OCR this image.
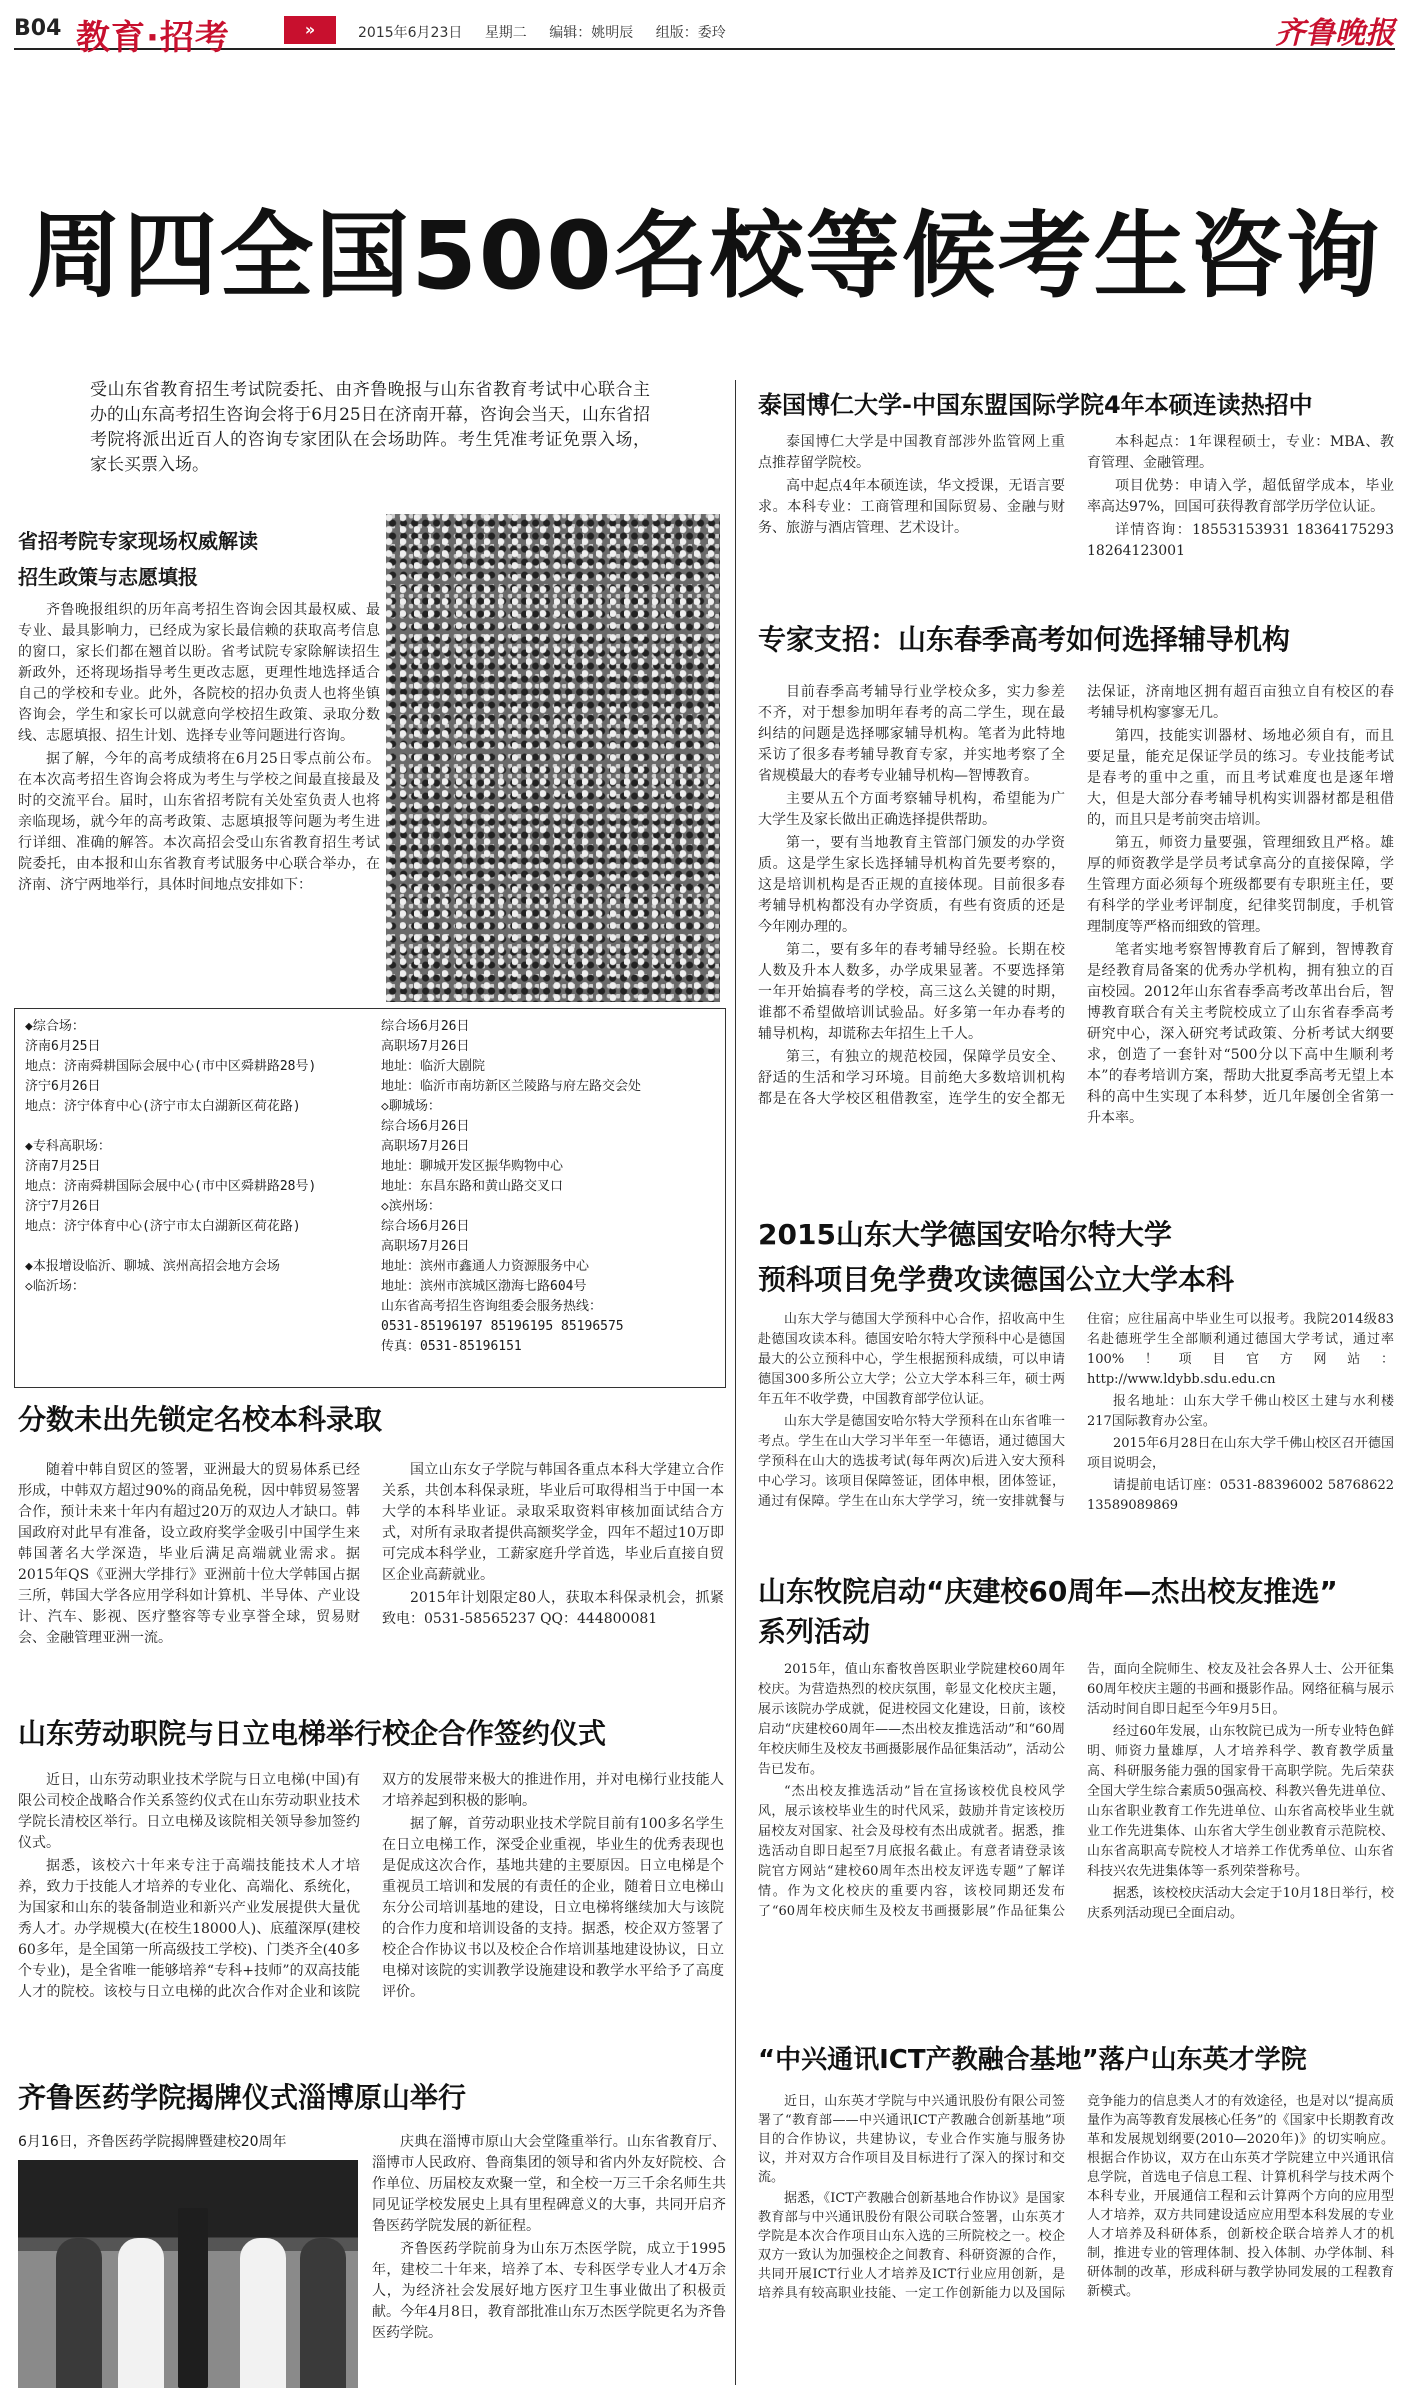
B04 教育·招考	»	2015年6月23日 星期二 编辑：姚明辰 组版：委玲	齐鲁晚报
周四全国500名校等候考生咨询
受山东省教育招生考试院委托、由齐鲁晚报与山东省教育考试中心联合主办的山东高考招生咨询会将于6月25日在济南开幕，咨询会当天，山东省招考院将派出近百人的咨询专家团队在会场助阵。考生凭准考证免票入场，家长买票入场。
省招考院专家现场权威解读
招生政策与志愿填报

齐鲁晚报组织的历年高考招生咨询会因其最权威、最专业、最具影响力，已经成为家长最信赖的获取高考信息的窗口，家长们都在翘首以盼。省考试院专家除解读招生新政外，还将现场指导考生更改志愿，更理性地选择适合自己的学校和专业。此外，各院校的招办负责人也将坐镇咨询会，学生和家长可以就意向学校招生政策、录取分数线、志愿填报、招生计划、选择专业等问题进行咨询。

据了解，今年的高考成绩将在6月25日零点前公布。在本次高考招生咨询会将成为考生与学校之间最直接最及时的交流平台。届时，山东省招考院有关处室负责人也将亲临现场，就今年的高考政策、志愿填报等问题为考生进行详细、准确的解答。本次高招会受山东省教育招生考试院委托，由本报和山东省教育考试服务中心联合举办，在济南、济宁两地举行，具体时间地点安排如下：

◆综合场：

济南6月25日

地点：济南舜耕国际会展中心(市中区舜耕路28号)

济宁6月26日

地点：济宁体育中心(济宁市太白湖新区荷花路)

◆专科高职场：

济南7月25日

地点：济南舜耕国际会展中心(市中区舜耕路28号)

济宁7月26日

地点：济宁体育中心(济宁市太白湖新区荷花路)

◆本报增设临沂、聊城、滨州高招会地方会场

◇临沂场：

综合场6月26日

高职场7月26日

地址：临沂大剧院

地址：临沂市南坊新区兰陵路与府左路交会处

◇聊城场：

综合场6月26日

高职场7月26日

地址：聊城开发区振华购物中心

地址：东昌东路和黄山路交叉口

◇滨州场：

综合场6月26日

高职场7月26日

地址：滨州市鑫通人力资源服务中心

地址：滨州市滨城区渤海七路604号

山东省高考招生咨询组委会服务热线：

0531-85196197 85196195 85196575

传真：0531-85196151

分数未出先锁定名校本科录取

随着中韩自贸区的签署，亚洲最大的贸易体系已经形成，中韩双方超过90%的商品免税，因中韩贸易签署合作，预计未来十年内有超过20万的双边人才缺口。韩国政府对此早有准备，设立政府奖学金吸引中国学生来韩国著名大学深造，毕业后满足高端就业需求。据2015年QS《亚洲大学排行》亚洲前十位大学韩国占据三所，韩国大学各应用学科如计算机、半导体、产业设计、汽车、影视、医疗整容等专业享誉全球，贸易财会、金融管理亚洲一流。

国立山东女子学院与韩国各重点本科大学建立合作关系，共创本科保录班，毕业后可取得相当于中国一本大学的本科毕业证。录取采取资料审核加面试结合方式，对所有录取者提供高额奖学金，四年不超过10万即可完成本科学业，工薪家庭升学首选，毕业后直接自贸区企业高薪就业。

2015年计划限定80人，获取本科保录机会，抓紧致电：0531-58565237 QQ：444800081

山东劳动职院与日立电梯举行校企合作签约仪式

近日，山东劳动职业技术学院与日立电梯(中国)有限公司校企战略合作关系签约仪式在山东劳动职业技术学院长清校区举行。日立电梯及该院相关领导参加签约仪式。

据悉，该校六十年来专注于高端技能技术人才培养，致力于技能人才培养的专业化、高端化、系统化，为国家和山东的装备制造业和新兴产业发展提供大量优秀人才。办学规模大(在校生18000人)、底蕴深厚(建校60多年，是全国第一所高级技工学校)、门类齐全(40多个专业)，是全省唯一能够培养“专科+技师”的双高技能人才的院校。该校与日立电梯的此次合作对企业和该院双方的发展带来极大的推进作用，并对电梯行业技能人才培养起到积极的影响。

据了解，首劳动职业技术学院目前有100多名学生在日立电梯工作，深受企业重视，毕业生的优秀表现也是促成这次合作，基地共建的主要原因。日立电梯是个重视员工培训和发展的有责任的企业，随着日立电梯山东分公司培训基地的建设，日立电梯将继续加大与该院的合作力度和培训设备的支持。据悉，校企双方签署了校企合作协议书以及校企合作培训基地建设协议，日立电梯对该院的实训教学设施建设和教学水平给予了高度评价。

齐鲁医药学院揭牌仪式淄博原山举行
6月16日，齐鲁医药学院揭牌暨建校20周年	庆典在淄博市原山大会堂隆重举行。山东省教育厅、淄博市人民政府、鲁商集团的领导和省内外友好院校、合作单位、历届校友欢聚一堂，和全校一万三千余名师生共同见证学校发展史上具有里程碑意义的大事，共同开启齐鲁医药学院发展的新征程。

齐鲁医药学院前身为山东万杰医学院，成立于1995年，建校二十年来，培养了本、专科医学专业人才4万余人，为经济社会发展好地方医疗卫生事业做出了积极贡献。今年4月8日，教育部批准山东万杰医学院更名为齐鲁医药学院。

泰国博仁大学-中国东盟国际学院4年本硕连读热招中

泰国博仁大学是中国教育部涉外监管网上重点推荐留学院校。

高中起点4年本硕连读，华文授课，无语言要求。本科专业：工商管理和国际贸易、金融与财务、旅游与酒店管理、艺术设计。

本科起点：1年课程硕士，专业：MBA、教育管理、金融管理。

项目优势：申请入学，超低留学成本，毕业率高达97%，回国可获得教育部学历学位认证。

详情咨询：18553153931 18364175293 18264123001

专家支招：山东春季高考如何选择辅导机构

目前春季高考辅导行业学校众多，实力参差不齐，对于想参加明年春考的高二学生，现在最纠结的问题是选择哪家辅导机构。笔者为此特地采访了很多春考辅导教育专家，并实地考察了全省规模最大的春考专业辅导机构—智博教育。

主要从五个方面考察辅导机构，希望能为广大学生及家长做出正确选择提供帮助。

第一，要有当地教育主管部门颁发的办学资质。这是学生家长选择辅导机构首先要考察的，这是培训机构是否正规的直接体现。目前很多春考辅导机构都没有办学资质，有些有资质的还是今年刚办理的。

第二，要有多年的春考辅导经验。长期在校人数及升本人数多，办学成果显著。不要选择第一年开始搞春考的学校，高三这么关键的时期，谁都不希望做培训试验品。好多第一年办春考的辅导机构，却谎称去年招生上千人。

第三，有独立的规范校园，保障学员安全、舒适的生活和学习环境。目前绝大多数培训机构都是在各大学校区租借教室，连学生的安全都无法保证，济南地区拥有超百亩独立自有校区的春考辅导机构寥寥无几。

第四，技能实训器材、场地必须自有，而且要足量，能充足保证学员的练习。专业技能考试是春考的重中之重，而且考试难度也是逐年增大，但是大部分春考辅导机构实训器材都是租借的，而且只是考前突击培训。

第五，师资力量要强，管理细致且严格。雄厚的师资教学是学员考试拿高分的直接保障，学生管理方面必须每个班级都要有专职班主任，要有科学的学业考评制度，纪律奖罚制度，手机管理制度等严格而细致的管理。

笔者实地考察智博教育后了解到，智博教育是经教育局备案的优秀办学机构，拥有独立的百亩校园。2012年山东省春季高考改革出台后，智博教育联合有关主考院校成立了山东省春季高考研究中心，深入研究考试政策、分析考试大纲要求，创造了一套针对“500分以下高中生顺利考本”的春考培训方案，帮助大批夏季高考无望上本科的高中生实现了本科梦，近几年屡创全省第一升本率。

2015山东大学德国安哈尔特大学
预科项目免学费攻读德国公立大学本科

山东大学与德国大学预科中心合作，招收高中生赴德国攻读本科。德国安哈尔特大学预科中心是德国最大的公立预科中心，学生根据预科成绩，可以申请德国300多所公立大学；公立大学本科三年，硕士两年五年不收学费，中国教育部学位认证。

山东大学是德国安哈尔特大学预科在山东省唯一考点。学生在山大学习半年至一年德语，通过德国大学预科在山大的选拔考试(每年两次)后进入安大预科中心学习。该项目保障签证，团体申根，团体签证，通过有保障。学生在山东大学学习，统一安排就餐与住宿；应往届高中毕业生可以报考。我院2014级83名赴德班学生全部顺利通过德国大学考试，通过率100%！项目官方网站：http://www.ldybb.sdu.edu.cn

报名地址：山东大学千佛山校区土建与水利楼217国际教育办公室。

2015年6月28日在山东大学千佛山校区召开德国项目说明会，

请提前电话订座：0531-88396002 58768622 13589089869

山东牧院启动“庆建校60周年—杰出校友推选”
系列活动

2015年，值山东畜牧兽医职业学院建校60周年校庆。为营造热烈的校庆氛围，彰显文化校庆主题，展示该院办学成就，促进校园文化建设，日前，该校启动“庆建校60周年——杰出校友推选活动”和“60周年校庆师生及校友书画摄影展作品征集活动”，活动公告已发布。

“杰出校友推选活动”旨在宣扬该校优良校风学风，展示该校毕业生的时代风采，鼓励并肯定该校历届校友对国家、社会及母校有杰出成就者。据悉，推选活动自即日起至7月底报名截止。有意者请登录该院官方网站“建校60周年杰出校友评选专题”了解详情。作为文化校庆的重要内容，该校同期还发布了“60周年校庆师生及校友书画摄影展”作品征集公告，面向全院师生、校友及社会各界人士、公开征集60周年校庆主题的书画和摄影作品。网络征稿与展示活动时间自即日起至今年9月5日。

经过60年发展，山东牧院已成为一所专业特色鲜明、师资力量雄厚，人才培养科学、教育教学质量高、科研服务能力强的国家骨干高职学院。先后荣获全国大学生综合素质50强高校、科教兴鲁先进单位、山东省职业教育工作先进单位、山东省高校毕业生就业工作先进集体、山东省大学生创业教育示范院校、山东省高职高专院校人才培养工作优秀单位、山东省科技兴农先进集体等一系列荣誉称号。

据悉，该校校庆活动大会定于10月18日举行，校庆系列活动现已全面启动。

“中兴通讯ICT产教融合基地”落户山东英才学院

近日，山东英才学院与中兴通讯股份有限公司签署了“教育部——中兴通讯ICT产教融合创新基地”项目的合作协议，共建协议，专业合作实施与服务协议，并对双方合作项目及目标进行了深入的探讨和交流。

据悉，《ICT产教融合创新基地合作协议》是国家教育部与中兴通讯股份有限公司联合签署，山东英才学院是本次合作项目山东入选的三所院校之一。校企双方一致认为加强校企之间教育、科研资源的合作，共同开展ICT行业人才培养及ICT行业应用创新，是培养具有较高职业技能、一定工作创新能力以及国际竞争能力的信息类人才的有效途径，也是对以“提高质量作为高等教育发展核心任务”的《国家中长期教育改革和发展规划纲要(2010—2020年)》的切实响应。根据合作协议，双方在山东英才学院建立中兴通讯信息学院，首选电子信息工程、计算机科学与技术两个本科专业，开展通信工程和云计算两个方向的应用型人才培养，双方共同建设适应应用型本科发展的专业人才培养及科研体系，创新校企联合培养人才的机制，推进专业的管理体制、投入体制、办学体制、科研体制的改革，形成科研与教学协同发展的工程教育新模式。
